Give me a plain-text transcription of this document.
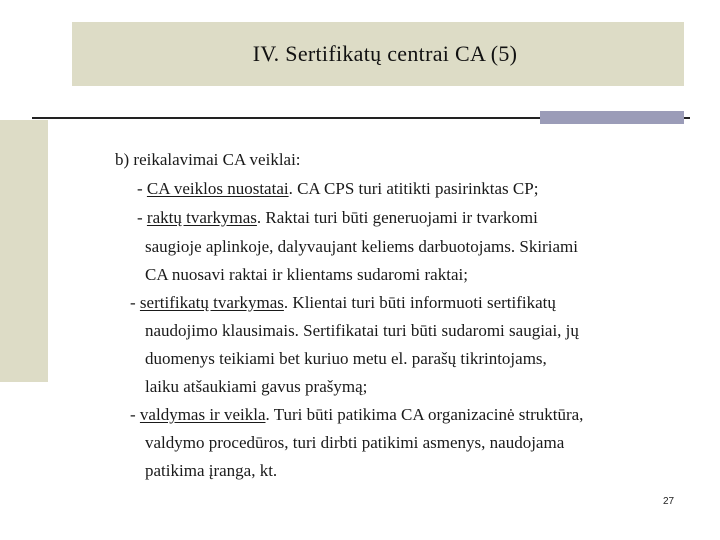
IV. Sertifikatų centrai CA (5)
b) reikalavimai CA veiklai:
- CA veiklos nuostatai. CA CPS turi atitikti pasirinktas CP;
- raktų tvarkymas. Raktai turi būti generuojami ir tvarkomi
saugioje aplinkoje, dalyvaujant keliems darbuotojams. Skiriami
CA nuosavi raktai ir klientams sudaromi raktai;
- sertifikatų tvarkymas. Klientai turi būti informuoti sertifikatų
naudojimo klausimais. Sertifikatai turi būti sudaromi saugiai, jų
duomenys teikiami bet kuriuo metu el. parašų tikrintojams,
laiku atšaukiami gavus prašymą;
- valdymas ir veikla. Turi būti patikima CA organizacinė struktūra,
valdymo procedūros, turi dirbti patikimi asmenys, naudojama
patikima įranga, kt.
27
